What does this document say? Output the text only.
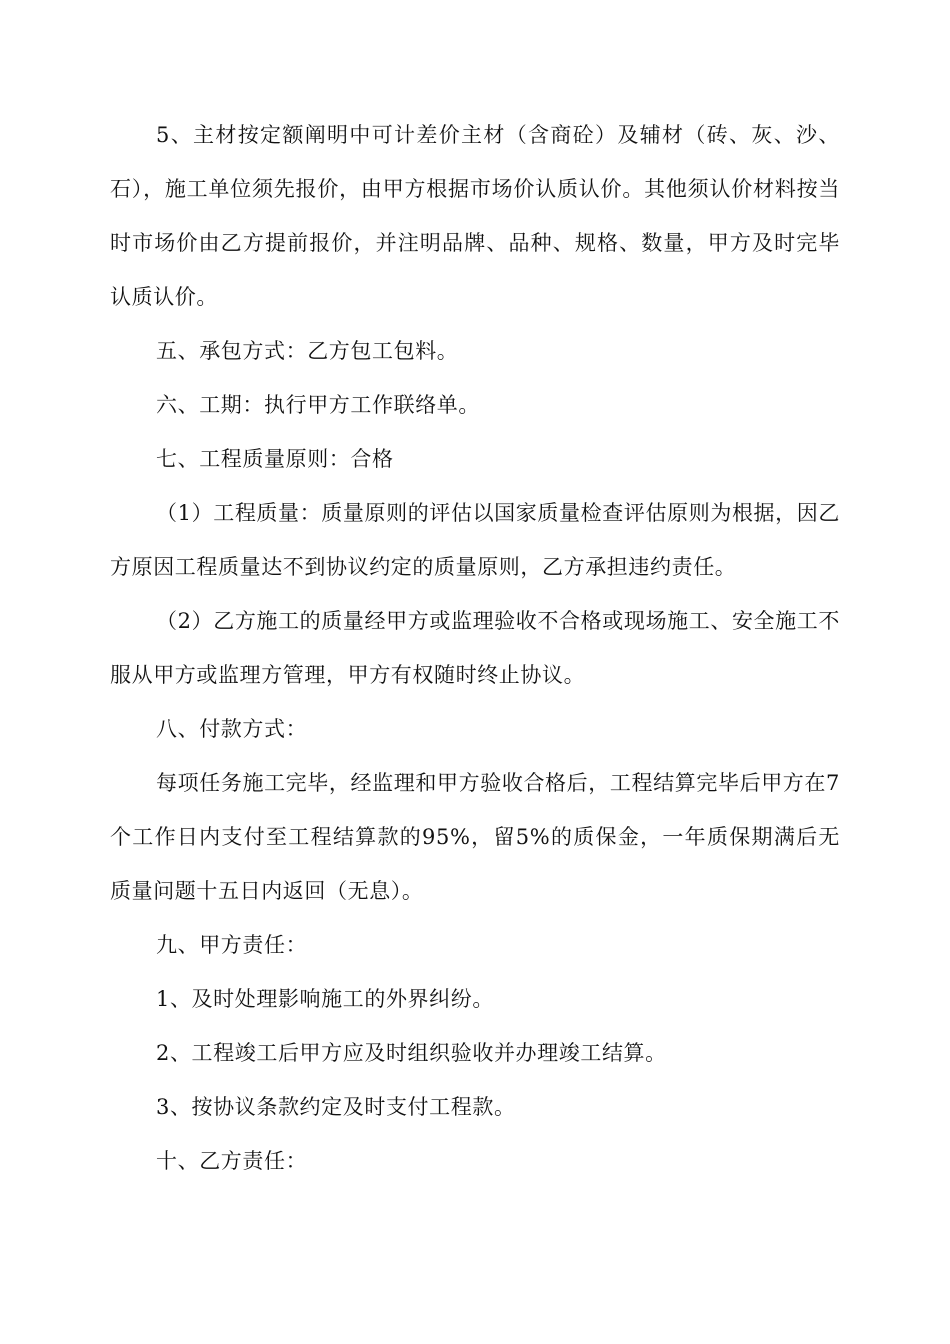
5、主材按定额阐明中可计差价主材（含商砼）及辅材（砖、灰、沙、石），施工单位须先报价，由甲方根据市场价认质认价。其他须认价材料按当时市场价由乙方提前报价，并注明品牌、品种、规格、数量，甲方及时完毕认质认价。

五、承包方式：乙方包工包料。

六、工期：执行甲方工作联络单。

七、工程质量原则：合格

（1）工程质量：质量原则的评估以国家质量检查评估原则为根据，因乙方原因工程质量达不到协议约定的质量原则，乙方承担违约责任。

（2）乙方施工的质量经甲方或监理验收不合格或现场施工、安全施工不服从甲方或监理方管理，甲方有权随时终止协议。

八、付款方式：

每项任务施工完毕，经监理和甲方验收合格后，工程结算完毕后甲方在7个工作日内支付至工程结算款的95%，留5%的质保金，一年质保期满后无质量问题十五日内返回（无息）。

九、甲方责任：

1、及时处理影响施工的外界纠纷。

2、工程竣工后甲方应及时组织验收并办理竣工结算。

3、按协议条款约定及时支付工程款。

十、乙方责任：
